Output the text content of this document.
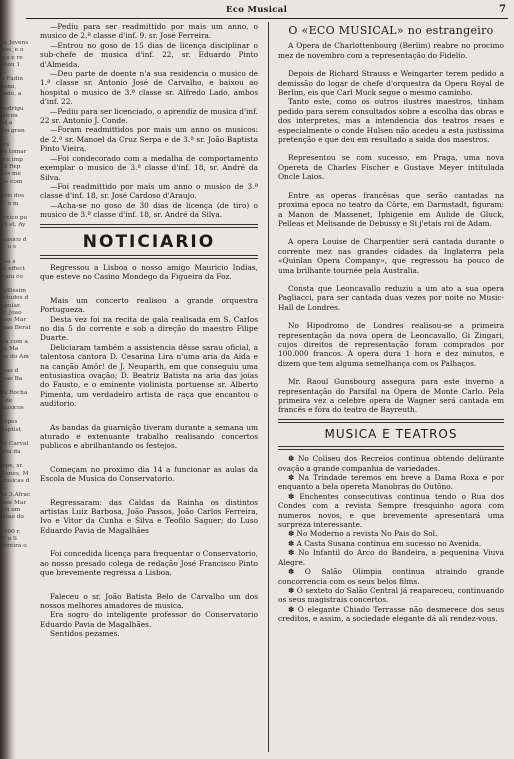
de Jovens
rios, e o
zes e re
ilhou 1
...
s. Fadin
anno,
dade, a
...
Rodrigu
blicou
ad,a
um gran
...
res
de tomar
reu imp
da Rep
dos me
ois com
...
dois dos
E' o m
...
ervico po
35 st. Ay
...
musico d
E' o s
...
' na s
se effect
fruiu co
...
bellissim
estudos d
Aguiar.
sr. Joao
Jose Mar
Joao Berat
...
tra com a
de Ma
jos do Am
...
Joao d
Joao Ba
...
da Rocha
e de
musicos
...
Lopes
Baptist
...
de Carval
oria da
...
mpe, sr.
Nunes, M
musicas d
...
de 3.Afrac
Jose Mar
um um
pitao do
...
2000 r.
E' o S
Pereira o
Eco Musical	7

—Pediu para ser readmittido por mais um anno, o musico de 2.ª classe d'inf. 9. sr. José Ferreira.

—Entrou no goso de 15 dias de licença disciplinar o sub-chefe de musica d'inf. 22, sr. Eduardo Pinto d'Almeida.

—Deu parte de doente n'a sua residencia o musico de 1.ª classe sr. Antonio José de Carvalho, e baixou ao hospital o musico de 3.ª classe sr. Alfredo Lado, ambos d'inf. 22.

—Pediu para ser licenciado, o aprendiz de musica d'inf. 22 sr. Antonio J. Conde.

—Foram readmittidos por mais um anno os musicos: de 2.ª sr. Manoel da Cruz Serpa e de 3.ª sr. João Baptista Pinto Vieira.

—Foi condecorado com a medalha de comportamento exemplar o musico de 3.ª classe d'inf. 18, sr. André da Silva.

—Foi readmittido por mais um anno o musico de 3.ª classe d'inf. 18, sr. José Cardoso d'Araujo.

—Acha-se no goso de 30 dias de licença (de tiro) o musico de 3.ª classe d'inf. 18, sr. André da Silva.

NOTICIARIO

Regressou a Lisboa o nosso amigo Mauricio Indias, que esteve no Casino Mondego da Figueira da Foz.

Mais um concerto realisou a grande orquestra Portugueza.

Desta vez foi na recita de gala realisada em S. Carlos no dia 5 do corrente e sob a direção do maestro Filipe Duarte.

Deliciaram também a assistencia dêsse sarau oficial, a talentosa cantora D. Cesarina Lira n'uma aria da Aida e na canção Amôr! de J. Neuparth, em que conseguiu uma entusiastica ovação; D. Beatriz Batista na aria das joias do Fausto, e o eminente violinista portuense sr. Alberto Pimenta, um verdadeiro artista de raça que encantou o auditorio.

As bandas da guarnição tiveram durante a semana um aturado e extenuante trabalho realisando concertos publicos e abrilhantando os festejos.

Começam no proximo dia 14 a funcionar as aulas da Escola de Musica do Conservatorio.

Regressaram: das Caldas da Rainha os distintos artistas Luiz Barbosa, João Passos, João Carlos Ferreira, Ivo e Vitor da Cunha e Silva e Teofilo Saguer; do Luso Eduardo Pavia de Magalhães

Foi concedida licença para frequentar o Conservatorio, ao nosso presado colega de redação José Francisco Pinto que brevemente regressa a Lisboa.

Faleceu o sr. João Batista Belo de Carvalho um dos nossos melhores amadores de musica.

Era sogro do inteligente professor do Conservatorio Eduardo Pavia de Magalhães.

Sentidos pezames.

O «ECO MUSICAL» no estrangeiro

A Opera de Charlottenbourg (Berlim) reabre no procimo mez de novembro com a representação do Fidelio.

Depois de Richard Strauss e Weingarter terem pedido a demissão do logar de chefe d'orquestra da Opera Royal de Berlim, eis que Carl Muck segue o mesmo caminho.

Tanto este, como os outros ilustres maestros, tinham pedido para serem consultados sobre a escolha das obras e dos interpretes, mas a intendencia dos teatros reaes e especialmente o conde Hulsen não acedeu a esta justissima pretenção e que deu em resultado a saida dos maestros.

Representou se com sucesso, em Praga, uma nova Opereta de Charles Fischer e Gustave Meyer intitulada Oncle Laios.

Entre as operas francêsas que serão cantadas na proxima epoca no teatro da Côrte, em Darmstadt, figuram: a Manon de Massenet, Iphigenie em Aulide de Gluck, Pelleas et Melisande de Debussy e Si j'etais roi de Adam.

A opera Louise de Charpentier será cantada durante o corrente mez nas grandes cidades da Inglaterra pela «Quinlan Opera Company», que regressou ha pouco de uma brilhante tournée pela Australia.

Consta que Leoncavallo reduziu a um ato a sua opera Pagliacci, para ser cantada duas vezes por noite no Music-Hall de Londres.

No Hipodromo de Londres realisou-se a primeira representação da nova opera de Leoncavallo, Gi Zingari, cujos direitos de representação foram comprados por 100.000 francos. A opera dura 1 hora e dez minutos, e dizem que tem alguma semelhança com os Palhaços.

Mr. Raoul Gunsbourg assegura para este inverno a representação do Parsifal na Opera de Monte Carlo. Pela primeira vez a celebre opera de Wagner será cantada em francês e fóra do teatro de Bayreuth.

MUSICA E TEATROS

✽ No Coliseu dos Recreios continua obtendo deliirante ovação a grande companhia de variedades.

✽ Na Trindade teremos em breve a Dama Roxa e por enquanto a bela opereta Manobras do Outôno.

✽ Enchentes consecutivas continua tendo o Rua dos Condes com a revista Sempre fresquinho agora com numeros novos, e que brevemente apresentará uma surpreza interessante.

✽ No Moderno a revista No Pais do Sol.

✽ A Casta Susana continua em sucesso no Avenida.

✽ No Infantil do Arco do Bandeira, a pequenina Viuva Alegre.

✽ O Salão Olimpia continua atraindo grande concorrencia com os seus belos films.

✽ O sexteto do Salão Central já reapareceu, continuando os seus magistrais concertos.

✽ O elegante Chiado Terrasse não desmerece dos seus creditos, e assim, a sociedade elegante dá ali rendez-vous.
